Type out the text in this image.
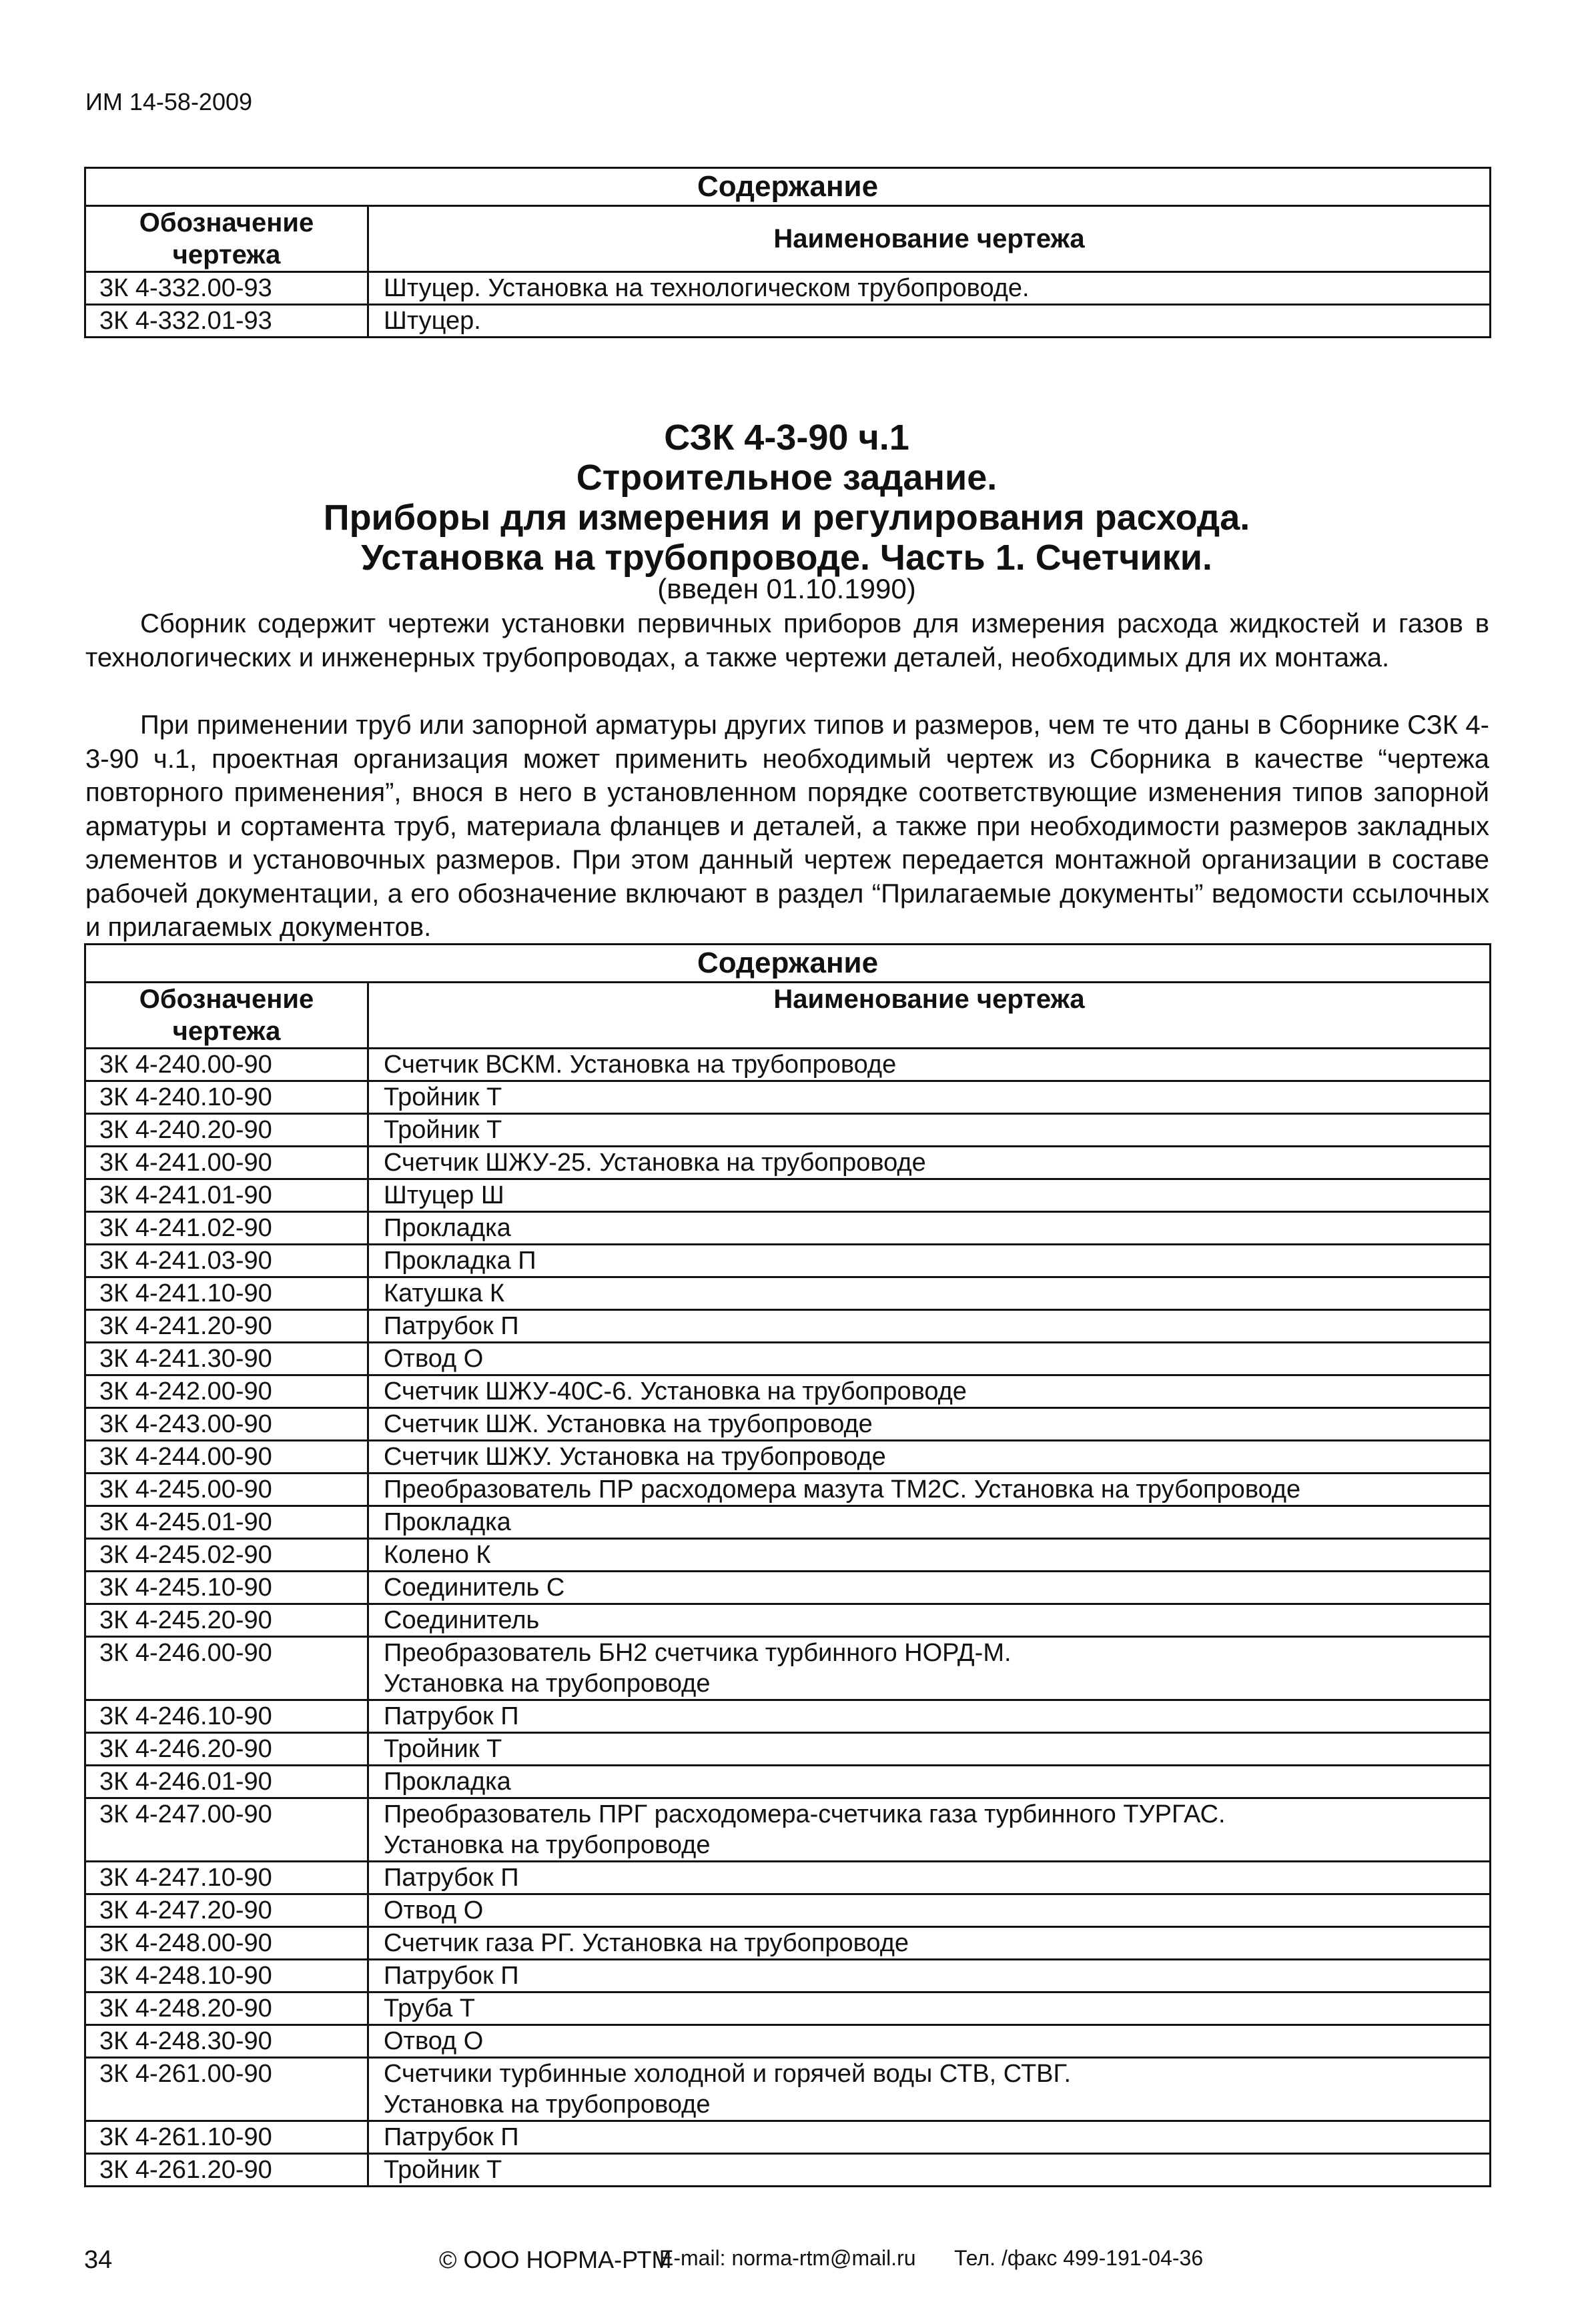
ИМ 14-58-2009
Содержание	
Обозначение чертежа	Наименование чертежа
3К 4-332.00-93	Штуцер. Установка на технологическом трубопроводе.

3К 4-332.01-93	Штуцер.
СЗК 4-3-90 ч.1
Строительное задание.
Приборы для измерения и регулирования расхода.
Установка на трубопроводе. Часть 1. Счетчики.
(введен 01.10.1990)
Сборник содержит чертежи установки первичных приборов для измерения расхода жидкостей и газов в технологических и инженерных трубопроводах, а также чертежи деталей, необходимых для их монтажа.
При применении труб или запорной арматуры других типов и размеров, чем те что даны в Сборнике СЗК 4-3-90 ч.1, проектная организация может применить необходимый чертеж из Сборника в качестве “чертежа повторного применения”, внося в него в установленном порядке соответствующие изменения типов запорной арматуры и сортамента труб, материала фланцев и деталей, а также при необходимости размеров закладных элементов и установочных размеров. При этом данный чертеж передается монтажной организации в составе рабочей документации, а его обозначение включают в раздел “Прилагаемые документы” ведомости ссылочных и прилагаемых документов.
Содержание	
Обозначение чертежа	Наименование чертежа
3К 4-240.00-90	Счетчик ВСКМ. Установка на трубопроводе

3К 4-240.10-90	Тройник Т

3К 4-240.20-90	Тройник Т

3К 4-241.00-90	Счетчик ШЖУ-25. Установка на трубопроводе

3К 4-241.01-90	Штуцер Ш

3К 4-241.02-90	Прокладка

3К 4-241.03-90	Прокладка П

3К 4-241.10-90	Катушка К

3К 4-241.20-90	Патрубок П

3К 4-241.30-90	Отвод О

3К 4-242.00-90	Счетчик ШЖУ-40С-6. Установка на трубопроводе

3К 4-243.00-90	Счетчик ШЖ. Установка на трубопроводе

3К 4-244.00-90	Счетчик ШЖУ. Установка на трубопроводе

3К 4-245.00-90	Преобразователь ПР расходомера мазута ТМ2С. Установка на трубопроводе

3К 4-245.01-90	Прокладка

3К 4-245.02-90	Колено К

3К 4-245.10-90	Соединитель С

3К 4-245.20-90	Соединитель

3К 4-246.00-90	Преобразователь БН2 счетчика турбинного НОРД-М.
Установка на трубопроводе

3К 4-246.10-90	Патрубок П

3К 4-246.20-90	Тройник Т

3К 4-246.01-90	Прокладка

3К 4-247.00-90	Преобразователь ПРГ расходомера-счетчика газа турбинного ТУРГАС.
Установка на трубопроводе

3К 4-247.10-90	Патрубок П

3К 4-247.20-90	Отвод О

3К 4-248.00-90	Счетчик газа РГ. Установка на трубопроводе

3К 4-248.10-90	Патрубок П

3К 4-248.20-90	Труба Т

3К 4-248.30-90	Отвод О

3К 4-261.00-90	Счетчики турбинные холодной и горячей воды СТВ, СТВГ.
Установка на трубопроводе

3К 4-261.10-90	Патрубок П

3К 4-261.20-90	Тройник Т
34	© ООО НОРМА-РТМ
E-mail: norma-rtm@mail.ru Тел. /факс 499-191-04-36
